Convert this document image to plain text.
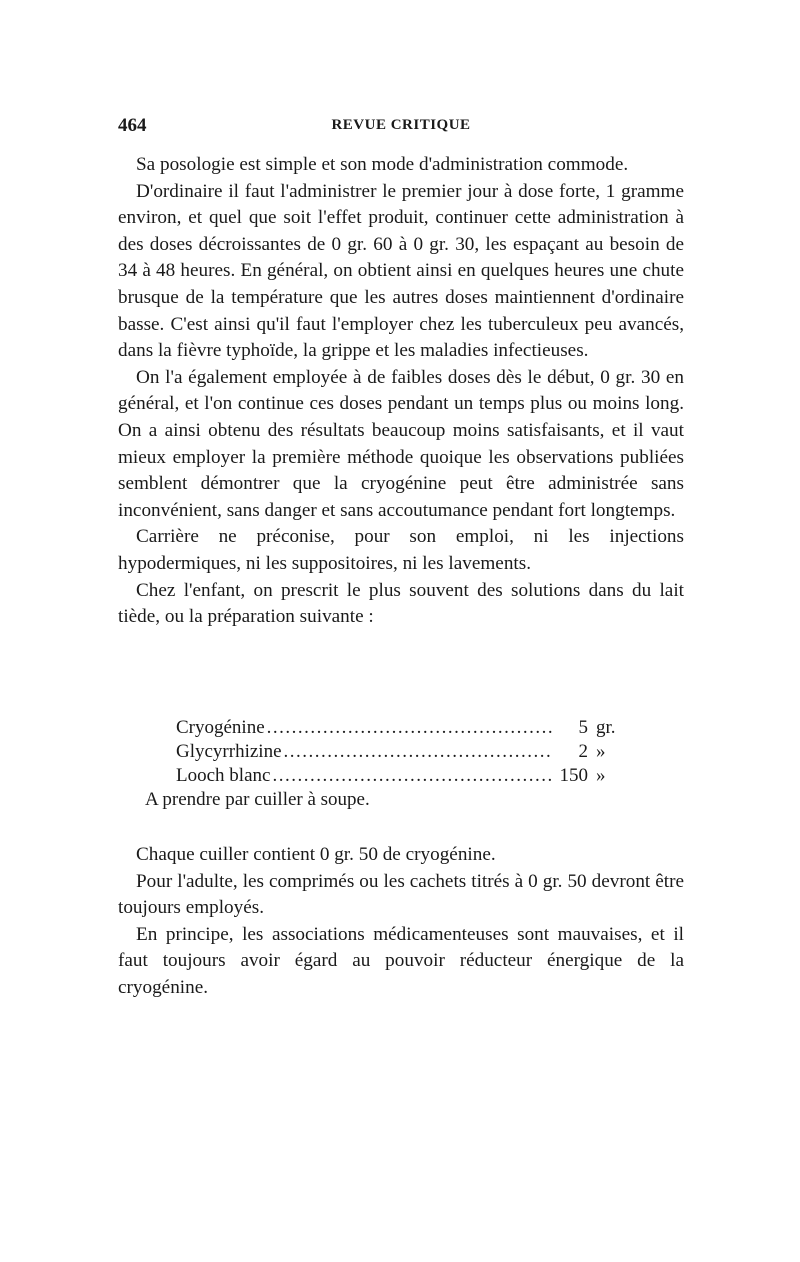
464	REVUE CRITIQUE

Sa posologie est simple et son mode d'administration commode.

D'ordinaire il faut l'administrer le premier jour à dose forte, 1 gramme environ, et quel que soit l'effet produit, continuer cette administration à des doses décroissantes de 0 gr. 60 à 0 gr. 30, les espaçant au besoin de 34 à 48 heures. En général, on obtient ainsi en quelques heures une chute brusque de la température que les autres doses maintiennent d'ordinaire basse. C'est ainsi qu'il faut l'employer chez les tuberculeux peu avancés, dans la fièvre typhoïde, la grippe et les maladies infectieuses.

On l'a également employée à de faibles doses dès le début, 0 gr. 30 en général, et l'on continue ces doses pendant un temps plus ou moins long. On a ainsi obtenu des résultats beaucoup moins satisfaisants, et il vaut mieux employer la première méthode quoique les observations publiées semblent démontrer que la cryogénine peut être administrée sans inconvénient, sans danger et sans accoutumance pendant fort longtemps.

Carrière ne préconise, pour son emploi, ni les injections hypodermiques, ni les suppositoires, ni les lavements.

Chez l'enfant, on prescrit le plus souvent des solutions dans du lait tiède, ou la préparation suivante :

Cryogénine .....	5 gr.
Glycyrrhizine .....	2 »
Looch blanc .....	150 »
A prendre par cuiller à soupe.

Chaque cuiller contient 0 gr. 50 de cryogénine.

Pour l'adulte, les comprimés ou les cachets titrés à 0 gr. 50 devront être toujours employés.

En principe, les associations médicamenteuses sont mauvaises, et il faut toujours avoir égard au pouvoir réducteur énergique de la cryogénine.
